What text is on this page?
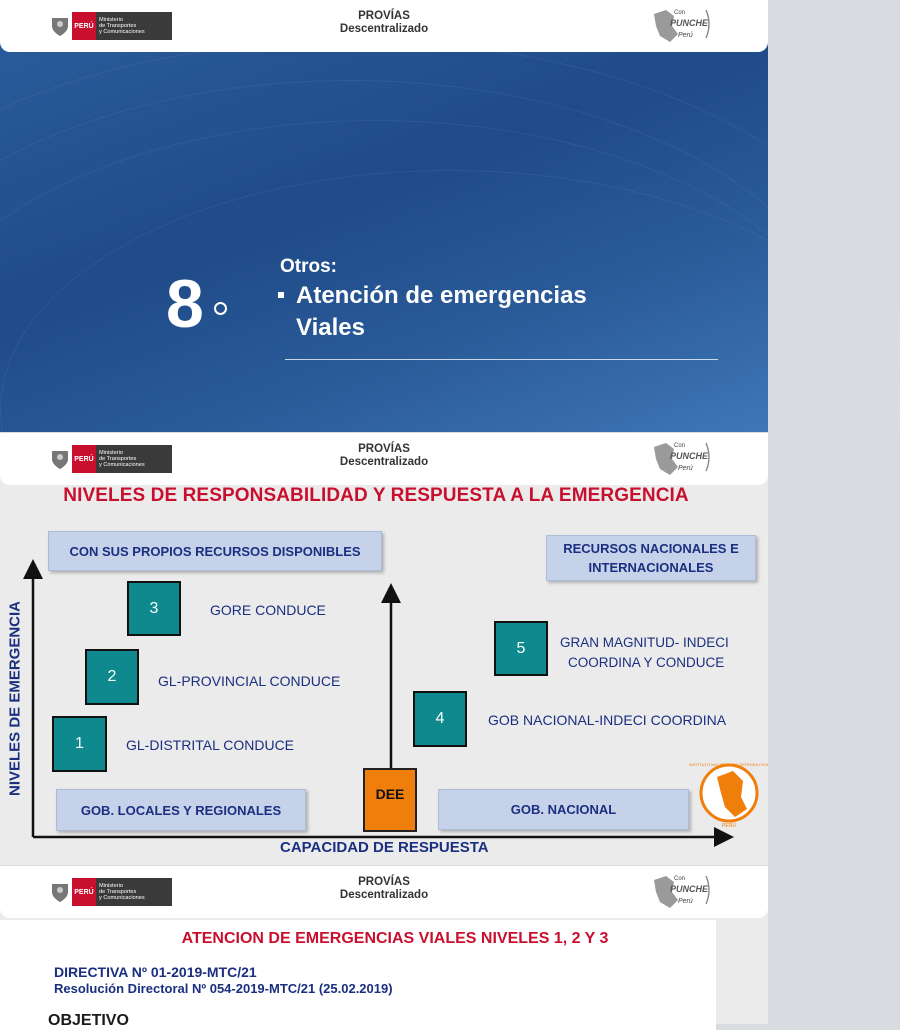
PERÚ
Ministerio
de Transportes
y Comunicaciones
PROVÍAS
Descentralizado
Con
PUNCHE
Perú
8	Otros:
Atención de emergencias
Viales
PERÚ
Ministerio
de Transportes
y Comunicaciones
PROVÍAS
Descentralizado
Con
PUNCHE
Perú
NIVELES DE RESPONSABILIDAD Y RESPUESTA A LA EMERGENCIA
CON SUS PROPIOS RECURSOS DISPONIBLES	RECURSOS NACIONALES E INTERNACIONALES
3	GORE CONDUCE
2	GL-PROVINCIAL CONDUCE
1	GL-DISTRITAL CONDUCE
5	GRAN MAGNITUD- INDECI
COORDINA Y CONDUCE
4	GOB NACIONAL-INDECI COORDINA
GOB. LOCALES Y REGIONALES
DEE
GOB. NACIONAL
NIVELES DE EMERGENCIA
CAPACIDAD DE RESPUESTA
INSTITUTO NACIONAL DE DEFENSA CIVIL
PERÚ
PERÚ
Ministerio
de Transportes
y Comunicaciones
PROVÍAS
Descentralizado
Con
PUNCHE
Perú
ATENCION DE EMERGENCIAS VIALES NIVELES 1, 2 Y 3
DIRECTIVA Nº 01-2019-MTC/21
Resolución Directoral Nº 054-2019-MTC/21 (25.02.2019)
OBJETIVO
